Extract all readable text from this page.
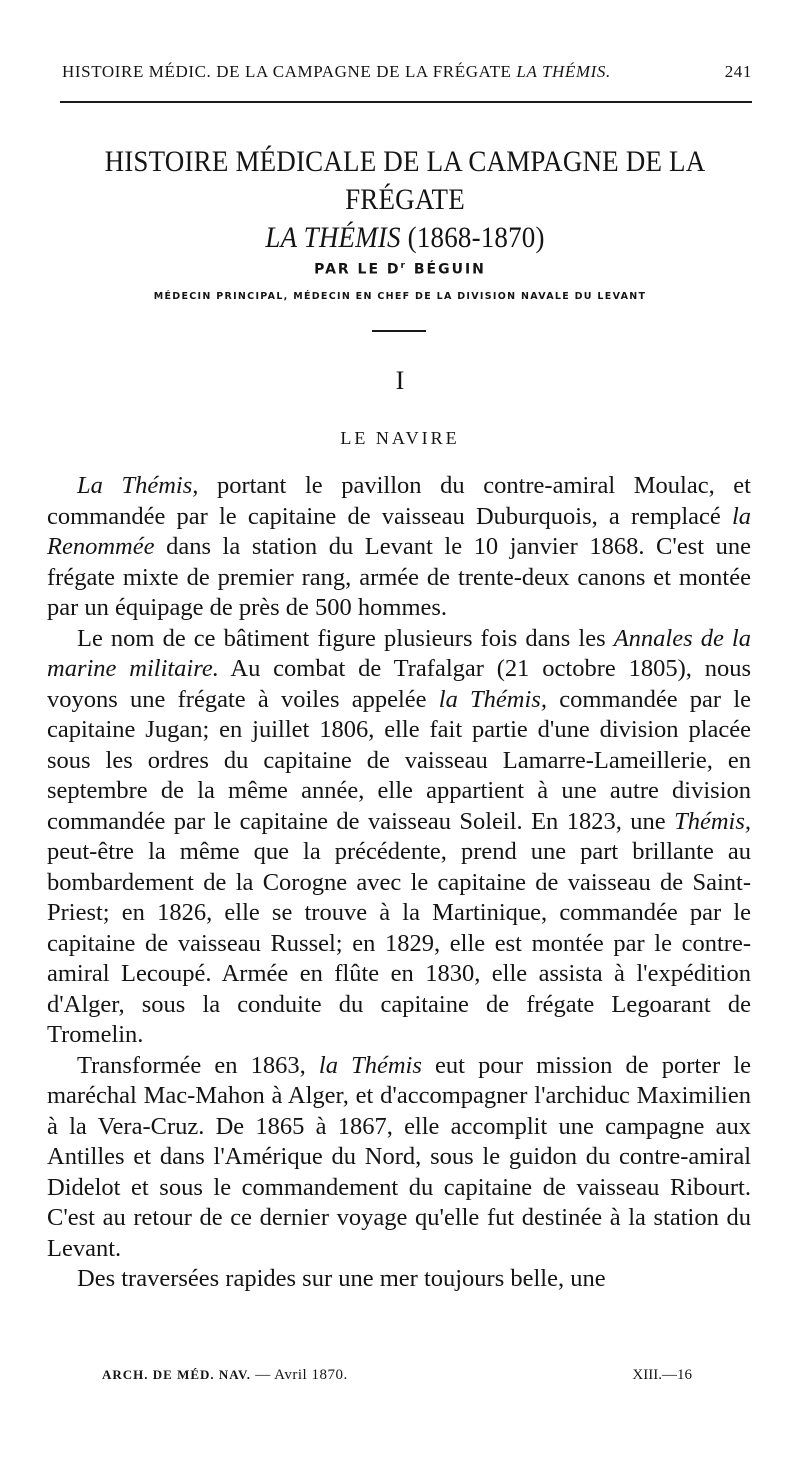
HISTOIRE MÉDIC. DE LA CAMPAGNE DE LA FRÉGATE LA THÉMIS.	241
HISTOIRE MÉDICALE DE LA CAMPAGNE DE LA FRÉGATE
LA THÉMIS (1868-1870)
PAR LE $D^r$ BÉGUIN
MÉDECIN PRINCIPAL, MÉDECIN EN CHEF DE LA DIVISION NAVALE DU LEVANT
I
LE NAVIRE

La Thémis, portant le pavillon du contre-amiral Moulac, et commandée par le capitaine de vaisseau Duburquois, a remplacé la Renommée dans la station du Levant le 10 janvier 1868. C'est une frégate mixte de premier rang, armée de trente-deux canons et montée par un équipage de près de 500 hommes.

Le nom de ce bâtiment figure plusieurs fois dans les Annales de la marine militaire. Au combat de Trafalgar (21 octobre 1805), nous voyons une frégate à voiles appelée la Thémis, commandée par le capitaine Jugan; en juillet 1806, elle fait partie d'une division placée sous les ordres du capitaine de vaisseau Lamarre-Lameillerie, en septembre de la même année, elle appartient à une autre division commandée par le capitaine de vaisseau Soleil. En 1823, une Thémis, peut-être la même que la précédente, prend une part brillante au bombardement de la Corogne avec le capitaine de vaisseau de Saint-Priest; en 1826, elle se trouve à la Martinique, commandée par le capitaine de vaisseau Russel; en 1829, elle est montée par le contre-amiral Lecoupé. Armée en flûte en 1830, elle assista à l'expédition d'Alger, sous la conduite du capitaine de frégate Legoarant de Tromelin.

Transformée en 1863, la Thémis eut pour mission de porter le maréchal Mac-Mahon à Alger, et d'accompagner l'archiduc Maximilien à la Vera-Cruz. De 1865 à 1867, elle accomplit une campagne aux Antilles et dans l'Amérique du Nord, sous le guidon du contre-amiral Didelot et sous le commandement du capitaine de vaisseau Ribourt. C'est au retour de ce dernier voyage qu'elle fut destinée à la station du Levant.

Des traversées rapides sur une mer toujours belle, une

ARCH. DE MÉD. NAV. — Avril 1870.	XIII.—16
